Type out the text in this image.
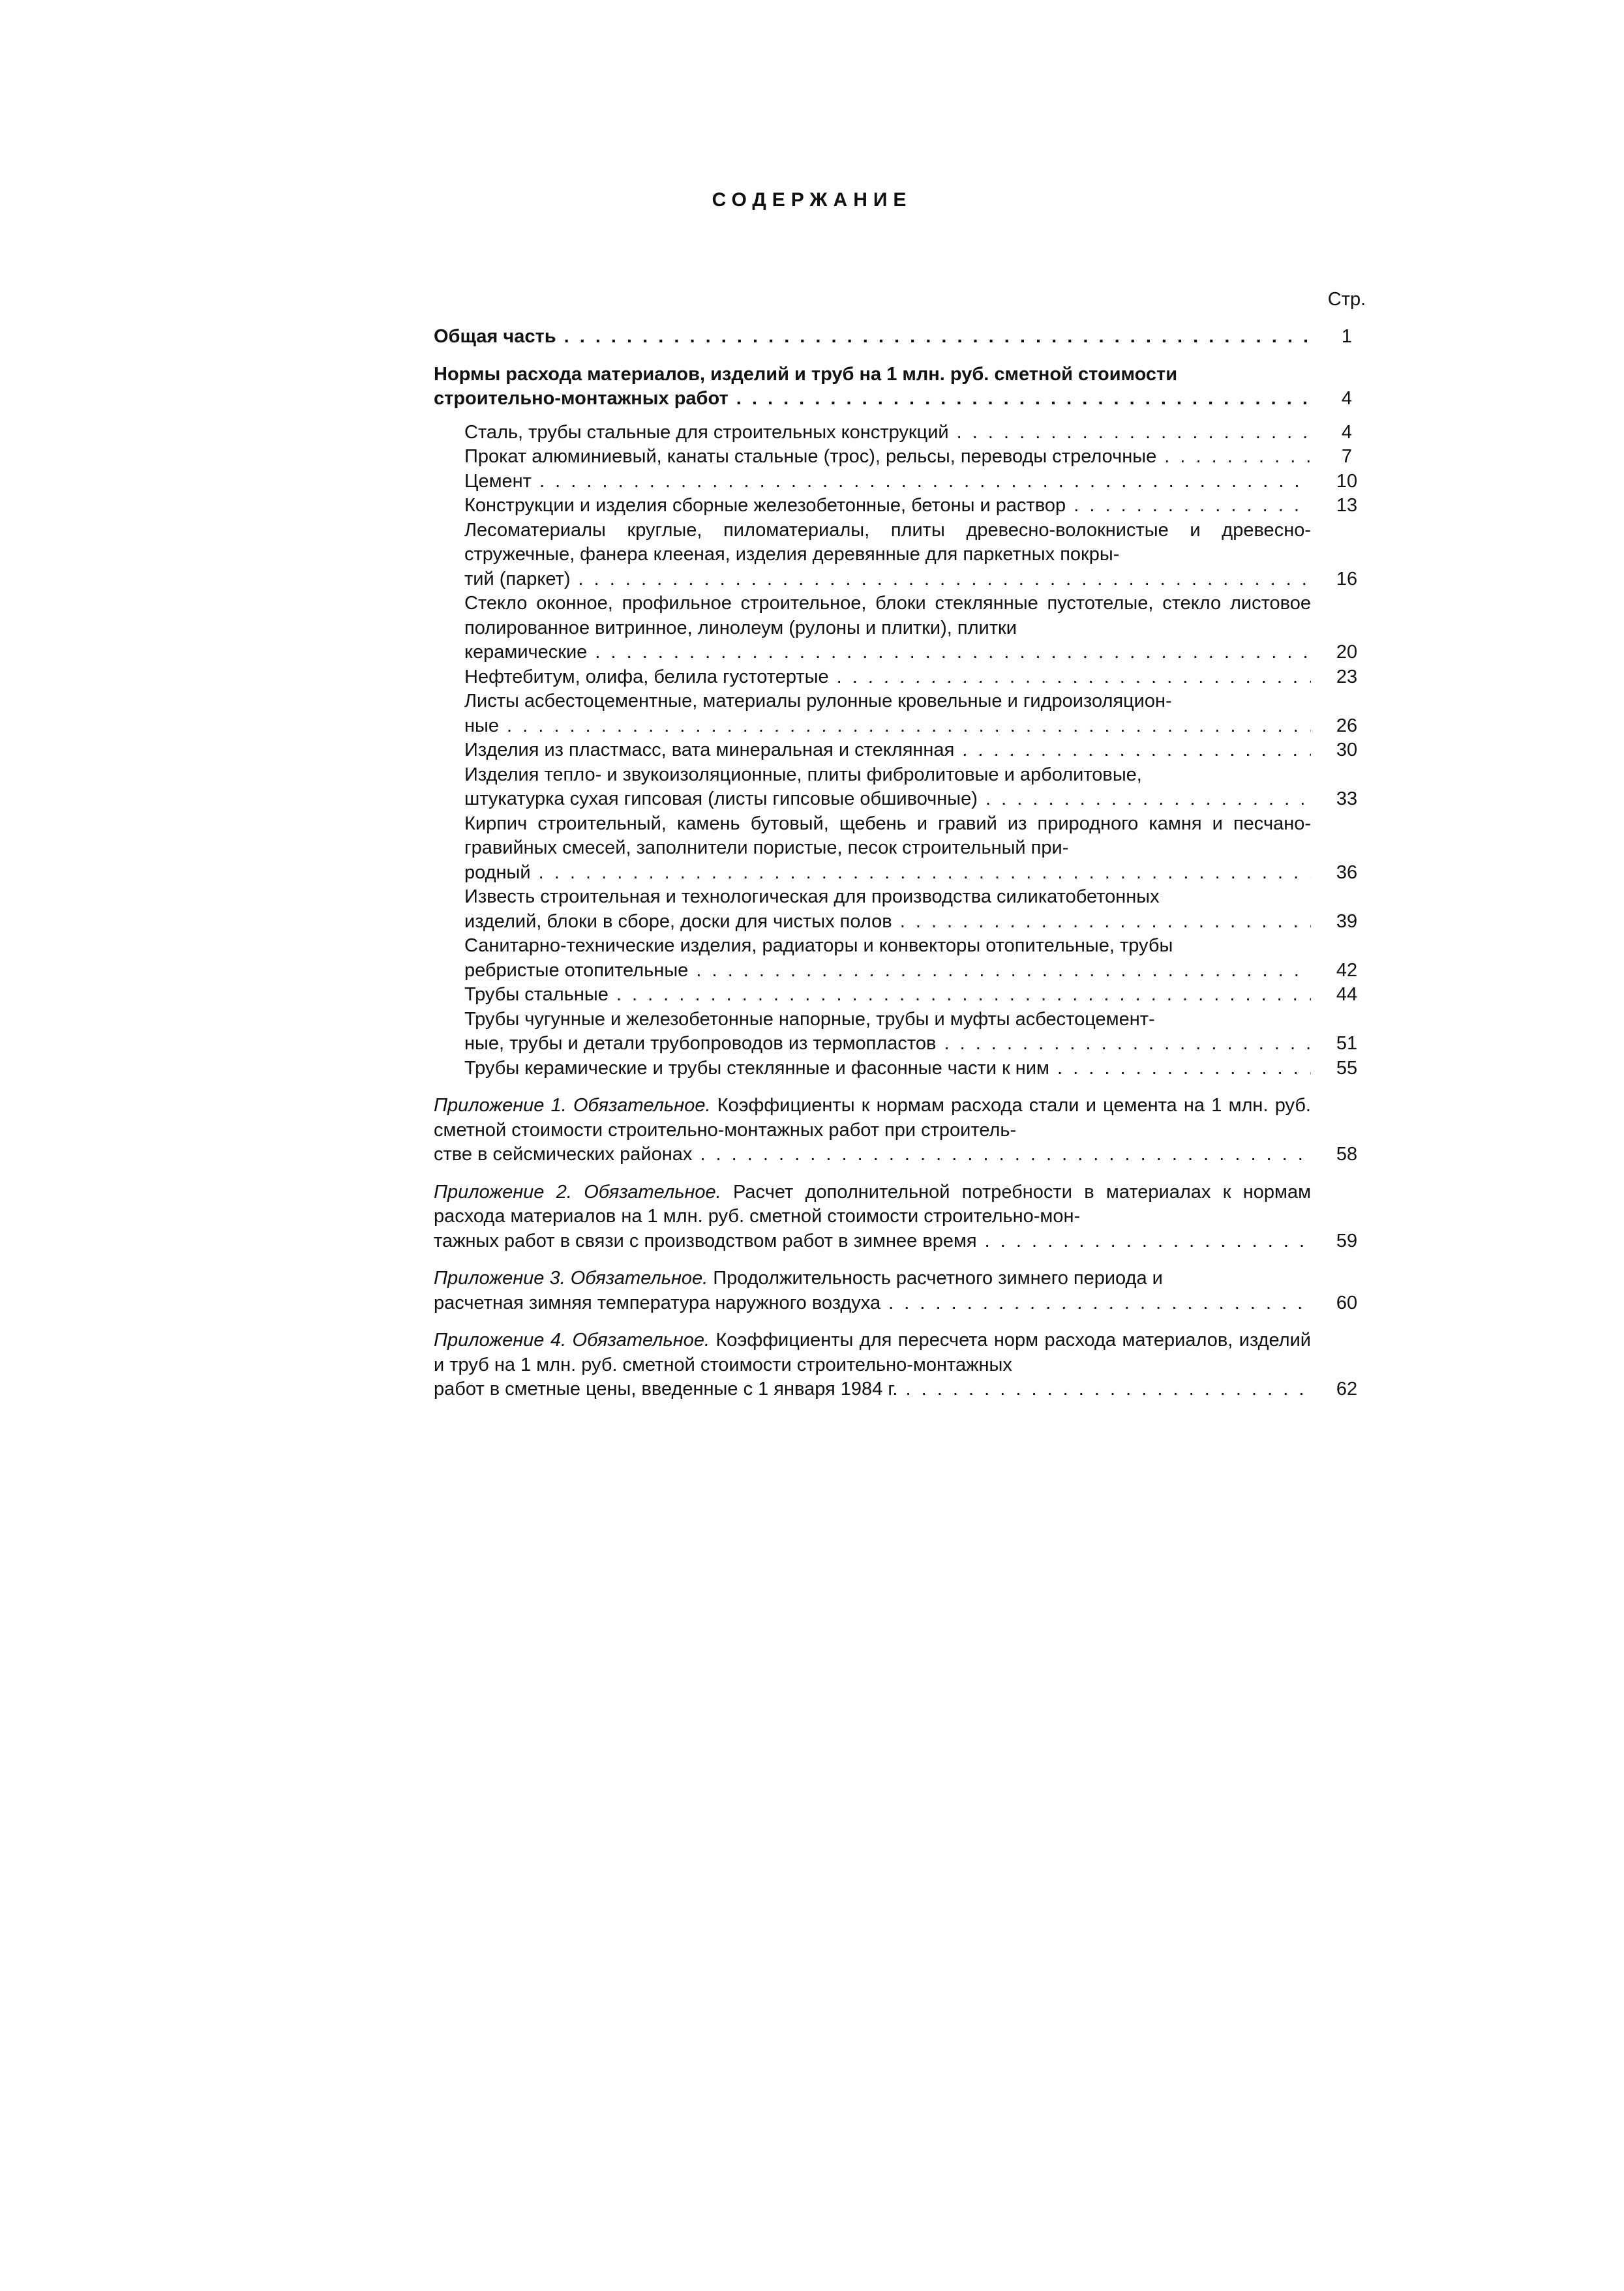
СОДЕРЖАНИЕ
Стр.
Общая часть . . .	1
Нормы расхода материалов, изделий и труб на 1 млн. руб. сметной стоимости
строительно-монтажных работ . . .	4
Сталь, трубы стальные для строительных конструкций . . .	4
Прокат алюминиевый, канаты стальные (трос), рельсы, переводы стрелочные . . .	7
Цемент . . .	10
Конструкции и изделия сборные железобетонные, бетоны и раствор . . .	13
Лесоматериалы круглые, пиломатериалы, плиты древесно-волокнистые и древесно-стружечные, фанера клееная, изделия деревянные для паркетных покры-
тий (паркет) . . .	16
Стекло оконное, профильное строительное, блоки стеклянные пустотелые, стекло листовое полированное витринное, линолеум (рулоны и плитки), плитки
керамические . . .	20
Нефтебитум, олифа, белила густотертые . . .	23
Листы асбестоцементные, материалы рулонные кровельные и гидроизоляцион-
ные . . .	26
Изделия из пластмасс, вата минеральная и стеклянная . . .	30
Изделия тепло- и звукоизоляционные, плиты фибролитовые и арболитовые,
штукатурка сухая гипсовая (листы гипсовые обшивочные) . . .	33
Кирпич строительный, камень бутовый, щебень и гравий из природного камня и песчано-гравийных смесей, заполнители пористые, песок строительный при-
родный . . .	36
Известь строительная и технологическая для производства силикатобетонных
изделий, блоки в сборе, доски для чистых полов . . .	39
Санитарно-технические изделия, радиаторы и конвекторы отопительные, трубы
ребристые отопительные . . .	42
Трубы стальные . . .	44
Трубы чугунные и железобетонные напорные, трубы и муфты асбестоцемент-
ные, трубы и детали трубопроводов из термопластов . . .	51
Трубы керамические и трубы стеклянные и фасонные части к ним . . .	55
Приложение 1. Обязательное. Коэффициенты к нормам расхода стали и цемента на 1 млн. руб. сметной стоимости строительно-монтажных работ при строитель-
стве в сейсмических районах . . .	58
Приложение 2. Обязательное. Расчет дополнительной потребности в материалах к нормам расхода материалов на 1 млн. руб. сметной стоимости строительно-мон-
тажных работ в связи с производством работ в зимнее время . . .	59
Приложение 3. Обязательное. Продолжительность расчетного зимнего периода и
расчетная зимняя температура наружного воздуха . . .	60
Приложение 4. Обязательное. Коэффициенты для пересчета норм расхода материалов, изделий и труб на 1 млн. руб. сметной стоимости строительно-монтажных
работ в сметные цены, введенные с 1 января 1984 г. . . .	62
